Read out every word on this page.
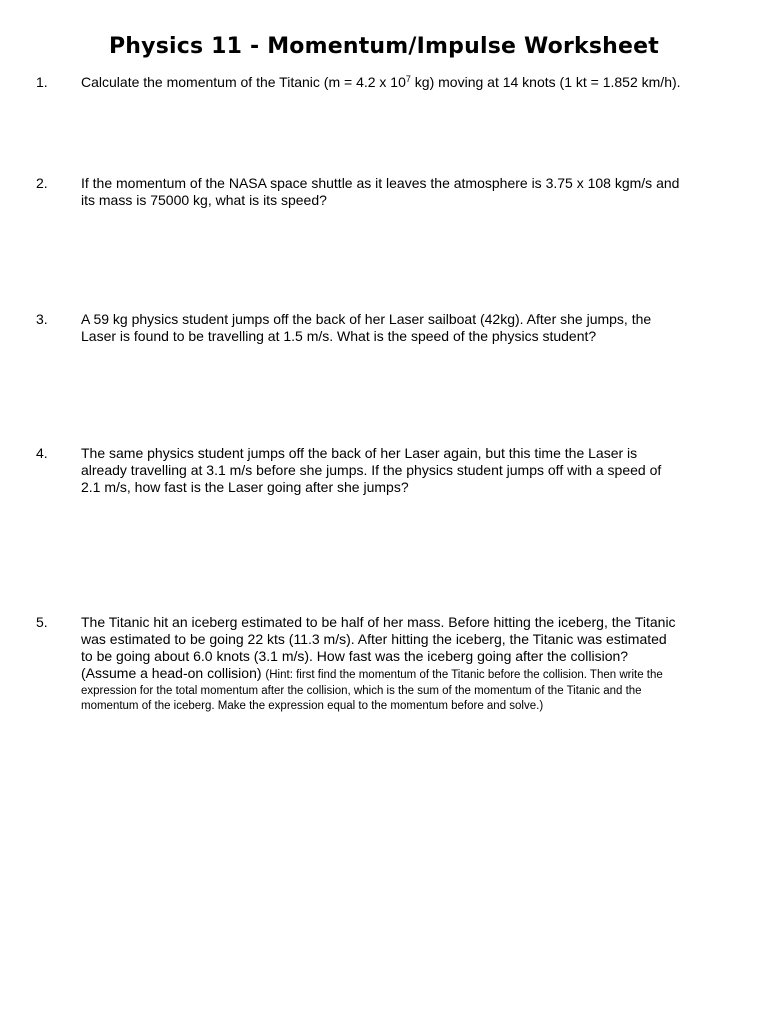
Physics 11 - Momentum/Impulse Worksheet
1. Calculate the momentum of the Titanic (m = 4.2 x $10^7$ kg) moving at 14 knots (1 kt = 1.852 km/h).
2. If the momentum of the NASA space shuttle as it leaves the atmosphere is 3.75 x 108 kgm/s and
its mass is 75000 kg, what is its speed?
3. A 59 kg physics student jumps off the back of her Laser sailboat (42kg). After she jumps, the
Laser is found to be travelling at 1.5 m/s. What is the speed of the physics student?
4. The same physics student jumps off the back of her Laser again, but this time the Laser is
already travelling at 3.1 m/s before she jumps. If the physics student jumps off with a speed of
2.1 m/s, how fast is the Laser going after she jumps?
5. The Titanic hit an iceberg estimated to be half of her mass. Before hitting the iceberg, the Titanic
was estimated to be going 22 kts (11.3 m/s). After hitting the iceberg, the Titanic was estimated
to be going about 6.0 knots (3.1 m/s). How fast was the iceberg going after the collision?
(Assume a head-on collision) (Hint: first find the momentum of the Titanic before the collision. Then write the
expression for the total momentum after the collision, which is the sum of the momentum of the Titanic and the
momentum of the iceberg. Make the expression equal to the momentum before and solve.)
